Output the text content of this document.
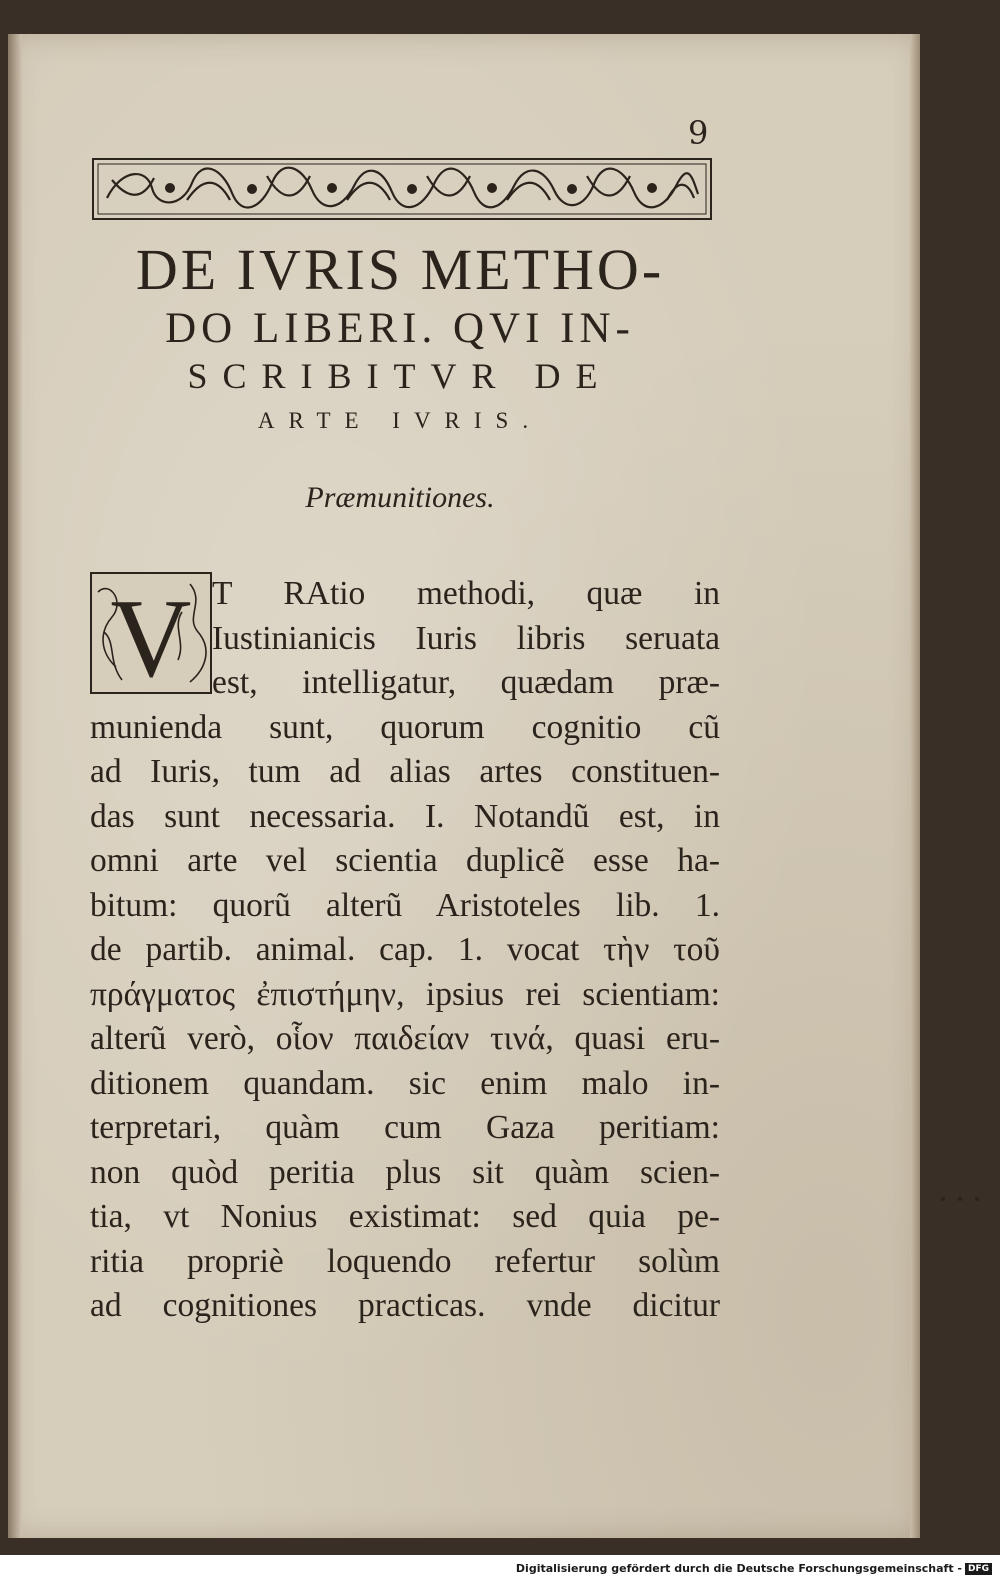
9
DE IVRIS METHO-
DO LIBERI. QVI IN-
SCRIBITVR DE
ARTE IVRIS.
Præmunitiones.
V T RAtio methodi, quæ in
Iustinianicis Iuris libris seruata
est, intelligatur, quædam præ-
munienda sunt, quorum cognitio cũ
ad Iuris, tum ad alias artes constituen-
das sunt necessaria. I. Notandũ est, in
omni arte vel scientia duplicẽ esse ha-
bitum: quorũ alterũ Aristoteles lib. 1.
de partib. animal. cap. 1. vocat τὴν τοῦ
πράγματος ἐπιστήμην, ipsius rei scientiam:
alterũ verò, οἷον παιδείαν τινά, quasi eru-
ditionem quandam. sic enim malo in-
terpretari, quàm cum Gaza peritiam:
non quòd peritia plus sit quàm scien-
tia, vt Nonius existimat: sed quia pe-
ritia propriè loquendo refertur solùm
ad cognitiones practicas. vnde dicitur
Digitalisierung gefördert durch die Deutsche Forschungsgemeinschaft - DFG
